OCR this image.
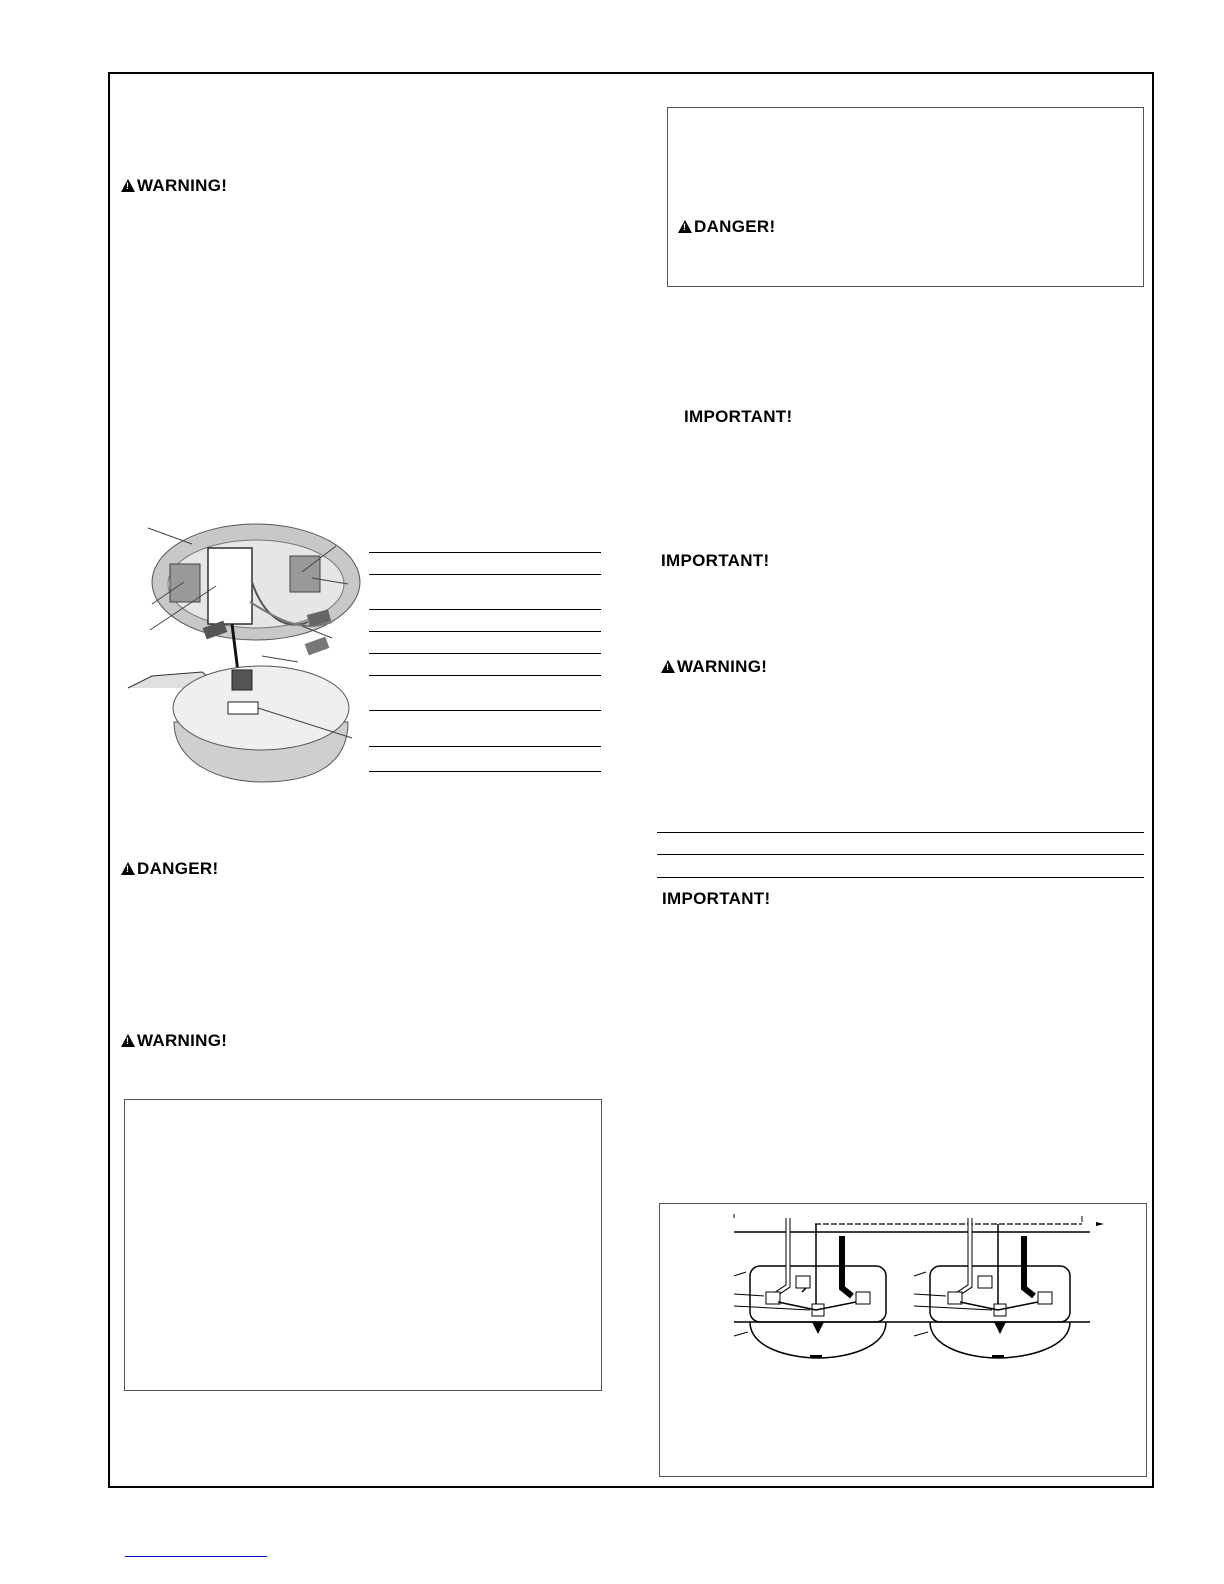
!WARNING!
!DANGER!
!WARNING!
!DANGER!
IMPORTANT!
IMPORTANT!
!WARNING!
IMPORTANT!
